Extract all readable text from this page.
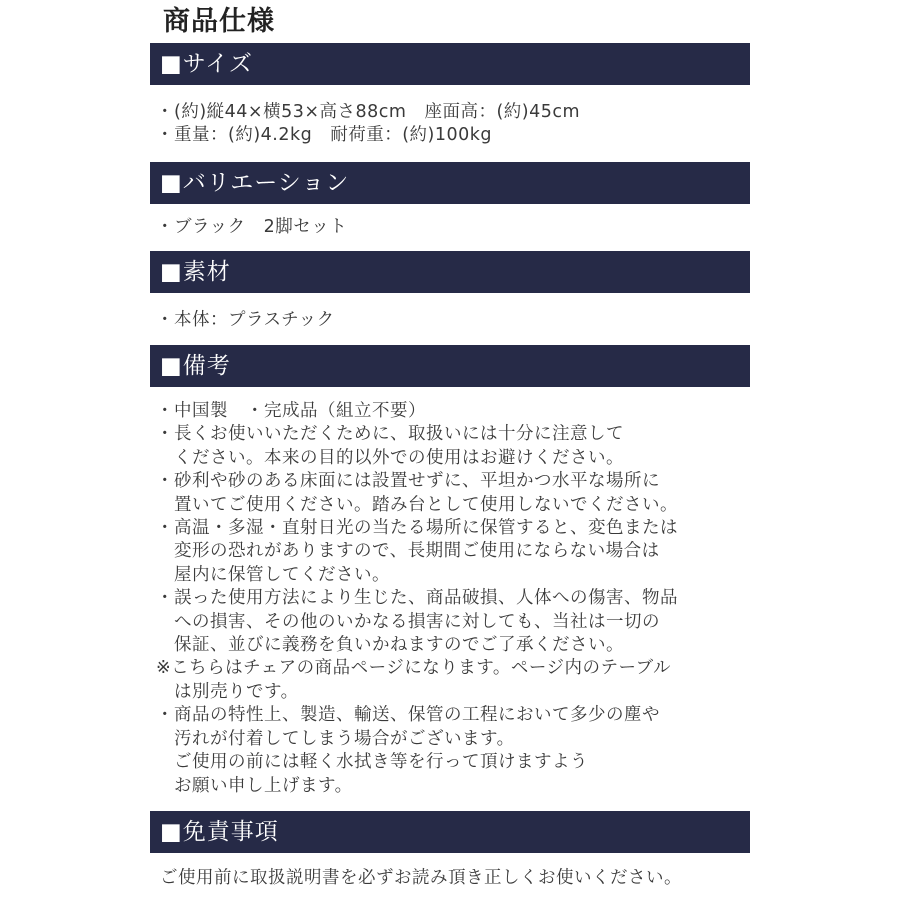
商品仕様
■サイズ
・(約)縦44×横53×高さ88cm　座面高：(約)45cm
・重量：(約)4.2kg　耐荷重：(約)100kg
■バリエーション
・ブラック　2脚セット
■素材
・本体：プラスチック
■備考
・中国製　・完成品（組立不要）
・長くお使いいただくために、取扱いには十分に注意して
　ください。本来の目的以外での使用はお避けください。
・砂利や砂のある床面には設置せずに、平坦かつ水平な場所に
　置いてご使用ください。踏み台として使用しないでください。
・高温・多湿・直射日光の当たる場所に保管すると、変色または
　変形の恐れがありますので、長期間ご使用にならない場合は
　屋内に保管してください。
・誤った使用方法により生じた、商品破損、人体への傷害、物品
　への損害、その他のいかなる損害に対しても、当社は一切の
　保証、並びに義務を負いかねますのでご了承ください。
※こちらはチェアの商品ページになります。ページ内のテーブル
　は別売りです。
・商品の特性上、製造、輸送、保管の工程において多少の塵や
　汚れが付着してしまう場合がございます。
　ご使用の前には軽く水拭き等を行って頂けますよう
　お願い申し上げます。
■免責事項
ご使用前に取扱説明書を必ずお読み頂き正しくお使いください。
